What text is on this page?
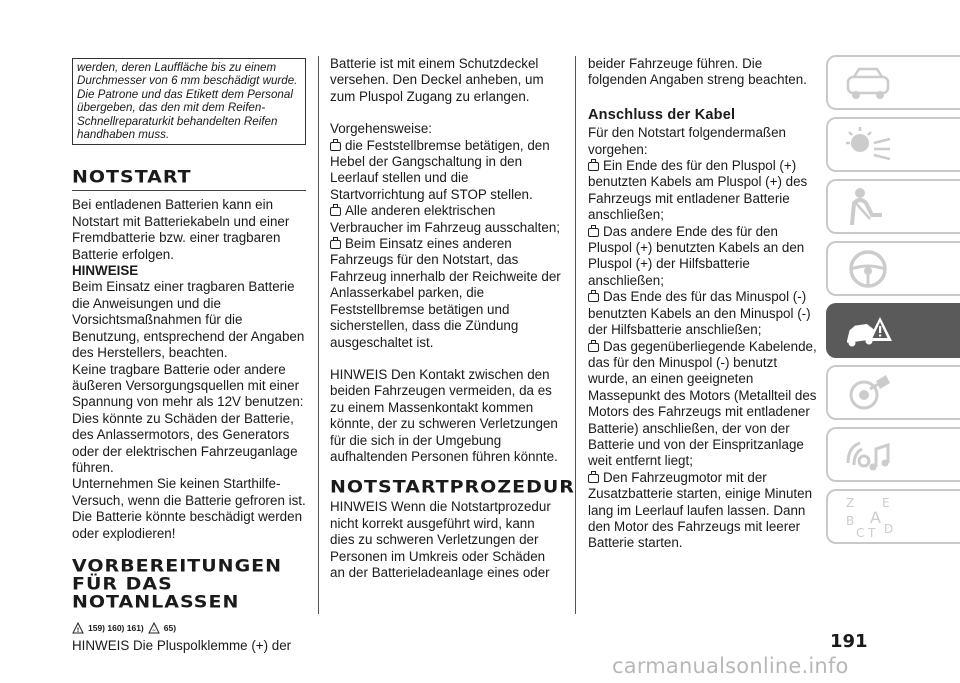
werden, deren Lauffläche bis zu einem Durchmesser von 6 mm beschädigt wurde. Die Patrone und das Etikett dem Personal übergeben, das den mit dem Reifen-Schnellreparaturkit behandelten Reifen handhaben muss.
NOTSTART

Bei entladenen Batterien kann ein Notstart mit Batteriekabeln und einer Fremdbatterie bzw. einer tragbaren Batterie erfolgen.

HINWEISE

Beim Einsatz einer tragbaren Batterie die Anweisungen und die Vorsichtsmaßnahmen für die Benutzung, entsprechend der Angaben des Herstellers, beachten.

Keine tragbare Batterie oder andere äußeren Versorgungsquellen mit einer Spannung von mehr als 12V benutzen: Dies könnte zu Schäden der Batterie, des Anlassermotors, des Generators oder der elektrischen Fahrzeuganlage führen.

Unternehmen Sie keinen Starthilfe-Versuch, wenn die Batterie gefroren ist. Die Batterie könnte beschädigt werden oder explodieren!

VORBEREITUNGEN FÜR DAS NOTANLASSEN
! 159) 160) 161) ~ 65)

HINWEIS Die Pluspolklemme (+) der

Batterie ist mit einem Schutzdeckel versehen. Den Deckel anheben, um zum Pluspol Zugang zu erlangen.

Vorgehensweise:

die Feststellbremse betätigen, den Hebel der Gangschaltung in den Leerlauf stellen und die Startvorrichtung auf STOP stellen.

Alle anderen elektrischen Verbraucher im Fahrzeug ausschalten;

Beim Einsatz eines anderen Fahrzeugs für den Notstart, das Fahrzeug innerhalb der Reichweite der Anlasserkabel parken, die Feststellbremse betätigen und sicherstellen, dass die Zündung ausgeschaltet ist.

HINWEIS Den Kontakt zwischen den beiden Fahrzeugen vermeiden, da es zu einem Massenkontakt kommen könnte, der zu schweren Verletzungen für die sich in der Umgebung aufhaltenden Personen führen könnte.

NOTSTARTPROZEDUR

HINWEIS Wenn die Notstartprozedur nicht korrekt ausgeführt wird, kann dies zu schweren Verletzungen der Personen im Umkreis oder Schäden an der Batterieladeanlage eines oder

beider Fahrzeuge führen. Die folgenden Angaben streng beachten.

Anschluss der Kabel

Für den Notstart folgendermaßen vorgehen:

Ein Ende des für den Pluspol (+) benutzten Kabels am Pluspol (+) des Fahrzeugs mit entladener Batterie anschließen;

Das andere Ende des für den Pluspol (+) benutzten Kabels an den Pluspol (+) der Hilfsbatterie anschließen;

Das Ende des für das Minuspol (-) benutzten Kabels an den Minuspol (-) der Hilfsbatterie anschließen;

Das gegenüberliegende Kabelende, das für den Minuspol (-) benutzt wurde, an einen geeigneten Massepunkt des Motors (Metallteil des Motors des Fahrzeugs mit entladener Batterie) anschließen, der von der Batterie und von der Einspritzanlage weit entfernt liegt;

Den Fahrzeugmotor mit der Zusatzbatterie starten, einige Minuten lang im Leerlauf laufen lassen. Dann den Motor des Fahrzeugs mit leerer Batterie starten.

Z E
B A
C T D
191
carmanualsonline.info
